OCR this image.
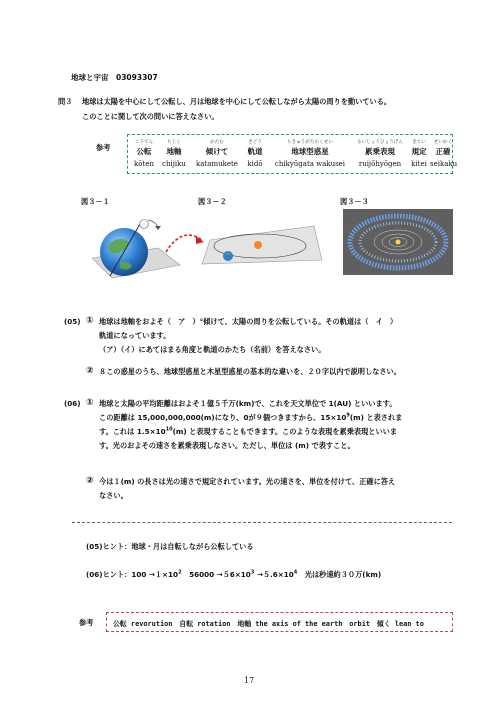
地球と宇宙　03093307
問３ 地球は太陽を中心にして公転し、月は地球を中心にして公転しながら太陽の周りを動いている。
このことに関して次の問いに答えなさい。
参考
こうてん	ちじく	かたむ	きどう	ちきゅうがたわくせい	るいじょうひょうげん	きてい	せいかく
公転	地軸	傾けて	軌道	地球型惑星	累乗表現	規定	正確
kōten	chijiku	katamukete	kidō	chikyūgata wakusei	ruijōhyōgen	kitei seikaku
図３－１	図３－２	図３－３
(05) ① 地球は地軸をおよそ（　ア　）°傾けて、太陽の周りを公転している。その軌道は（　イ　）
軌道になっています。
（ア）（イ）にあてはまる角度と軌道のかたち（名前）を答えなさい。
② ８この惑星のうち、地球型惑星と木星型惑星の基本的な違いを、２０字以内で説明しなさい。
(06) ① 地球と太陽の平均距離はおよそ１億５千万(km)で、これを天文単位で 1(AU) といいます。
この距離は 15,000,000,000(m)になり、0が９個つきますから、$15\times 10^9(m)$ と表されま
す。これは $1.5\times 10^{10}(m)$ と表現することもできます。このような表現を累乗表現といいま
す。光のおよその速さを累乗表現しなさい。ただし、単位は (m) で表すこと。
② 今は１(m) の長さは光の速さで規定されています。光の速さを、単位を付けて、正確に答え
なさい。
(05)ヒント：地球・月は自転しながら公転している
(06)ヒント：$100 \to 1\times 10^2$ $56000 \to 56\times 10^3 \to 5.6\times 10^4$ 光は秒速約３０万(km)
参考	公転 revorution　自転 rotation　地軸 the axis of the earth　orbit　傾く lean to
17
